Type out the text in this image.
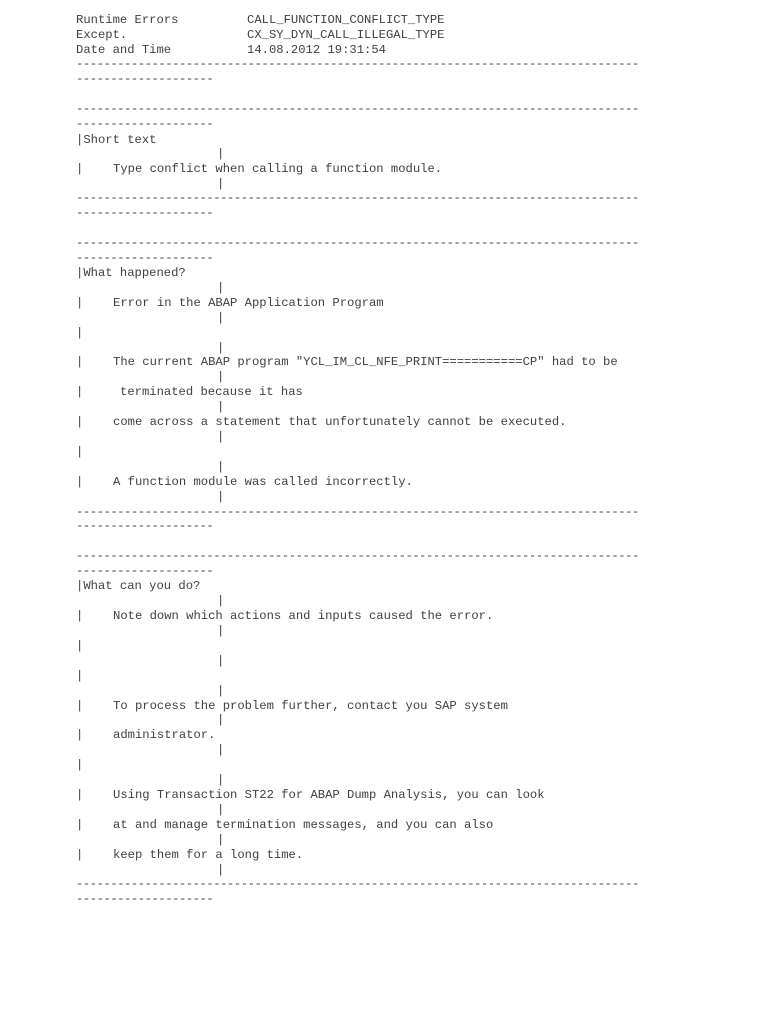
Runtime Errors	CALL_FUNCTION_CONFLICT_TYPE
Except.	CX_SY_DYN_CALL_ILLEGAL_TYPE
Date and Time	14.08.2012 19:31:54
----------------------------------------------------------------------------------
--------------------
----------------------------------------------------------------------------------
--------------------
|Short text
|
| Type conflict when calling a function module.
|
----------------------------------------------------------------------------------
--------------------
----------------------------------------------------------------------------------
--------------------
|What happened?
|
| Error in the ABAP Application Program
|
|
|
| The current ABAP program "YCL_IM_CL_NFE_PRINT===========CP" had to be
|
|	terminated because it has
|
| come across a statement that unfortunately cannot be executed.
|
|
|
| A function module was called incorrectly.
|
----------------------------------------------------------------------------------
--------------------
----------------------------------------------------------------------------------
--------------------
|What can you do?
|
| Note down which actions and inputs caused the error.
|
|
|
|
|
| To process the problem further, contact you SAP system
|
| administrator.
|
|
|
| Using Transaction ST22 for ABAP Dump Analysis, you can look
|
| at and manage termination messages, and you can also
|
| keep them for a long time.
|
----------------------------------------------------------------------------------
--------------------
